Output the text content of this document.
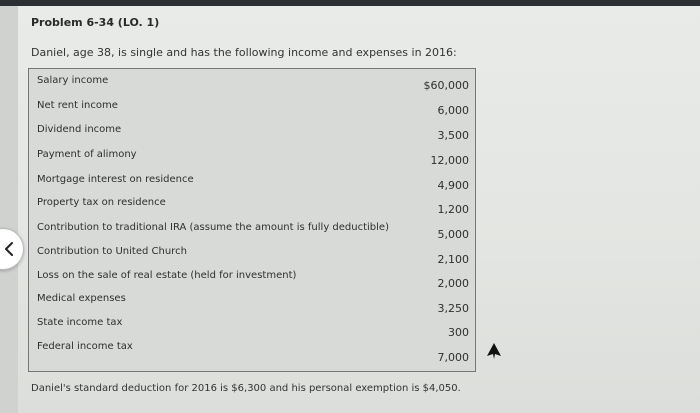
Problem 6-34 (LO. 1)
Daniel, age 38, is single and has the following income and expenses in 2016:
Salary income
Net rent income
Dividend income
Payment of alimony
Mortgage interest on residence
Property tax on residence
Contribution to traditional IRA (assume the amount is fully deductible)
Contribution to United Church
Loss on the sale of real estate (held for investment)
Medical expenses
State income tax
Federal income tax
$60,000
6,000
3,500
12,000
4,900
1,200
5,000
2,100
2,000
3,250
300
7,000
Daniel's standard deduction for 2016 is $6,300 and his personal exemption is $4,050.
